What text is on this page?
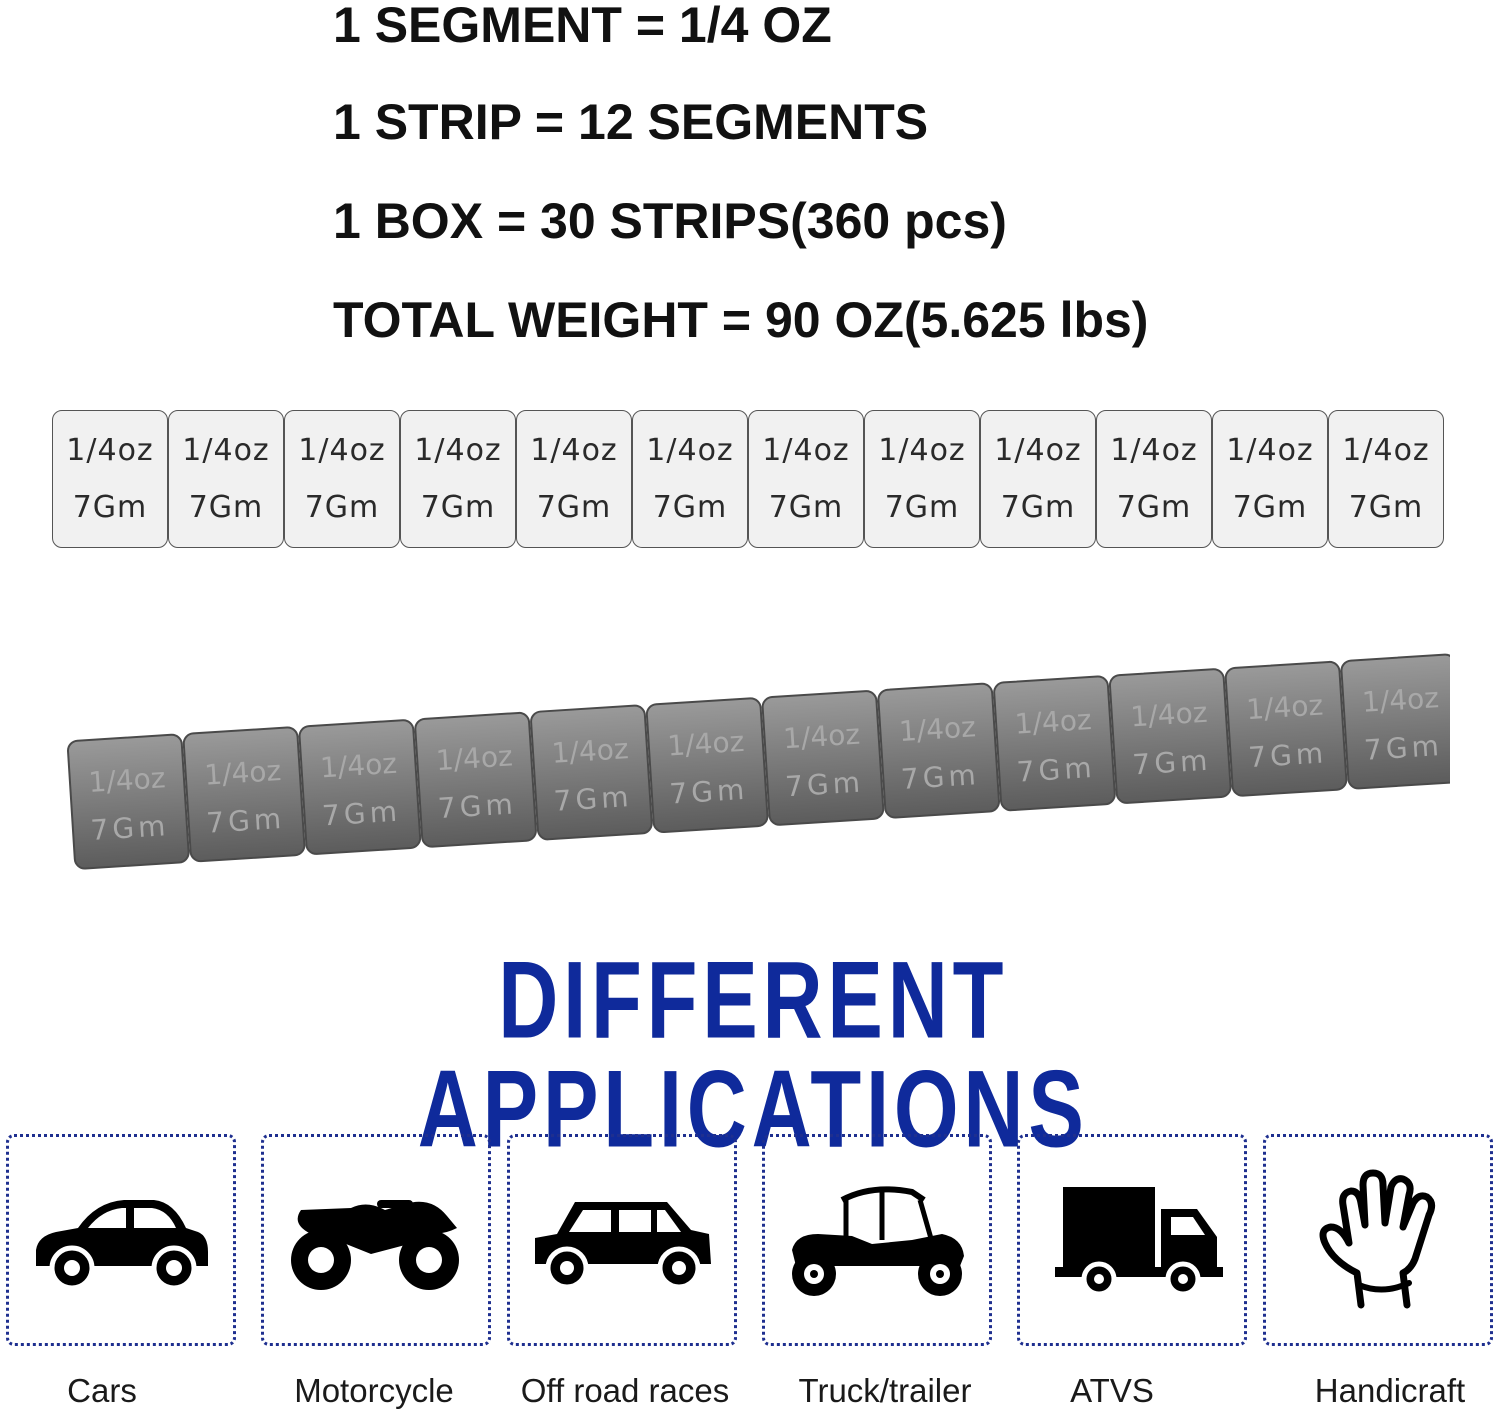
1 SEGMENT = 1/4 OZ
1 STRIP = 12 SEGMENTS
1 BOX = 30 STRIPS(360 pcs)
TOTAL WEIGHT = 90 OZ(5.625 lbs)
1/4oz
7Gm
1/4oz
7Gm
1/4oz
7Gm
1/4oz
7Gm
1/4oz
7Gm
1/4oz
7Gm
1/4oz
7Gm
1/4oz
7Gm
1/4oz
7Gm
1/4oz
7Gm
1/4oz
7Gm
1/4oz
7Gm
1/4oz
7Gm
1/4oz
7Gm
1/4oz
7Gm
1/4oz
7Gm
1/4oz
7Gm
1/4oz
7Gm
1/4oz
7Gm
1/4oz
7Gm
1/4oz
7Gm
1/4oz
7Gm
1/4oz
7Gm
1/4oz
7Gm
DIFFERENT APPLICATIONS
Cars	Motorcycle	Off road races	Truck/trailer	ATVS	Handicraft
